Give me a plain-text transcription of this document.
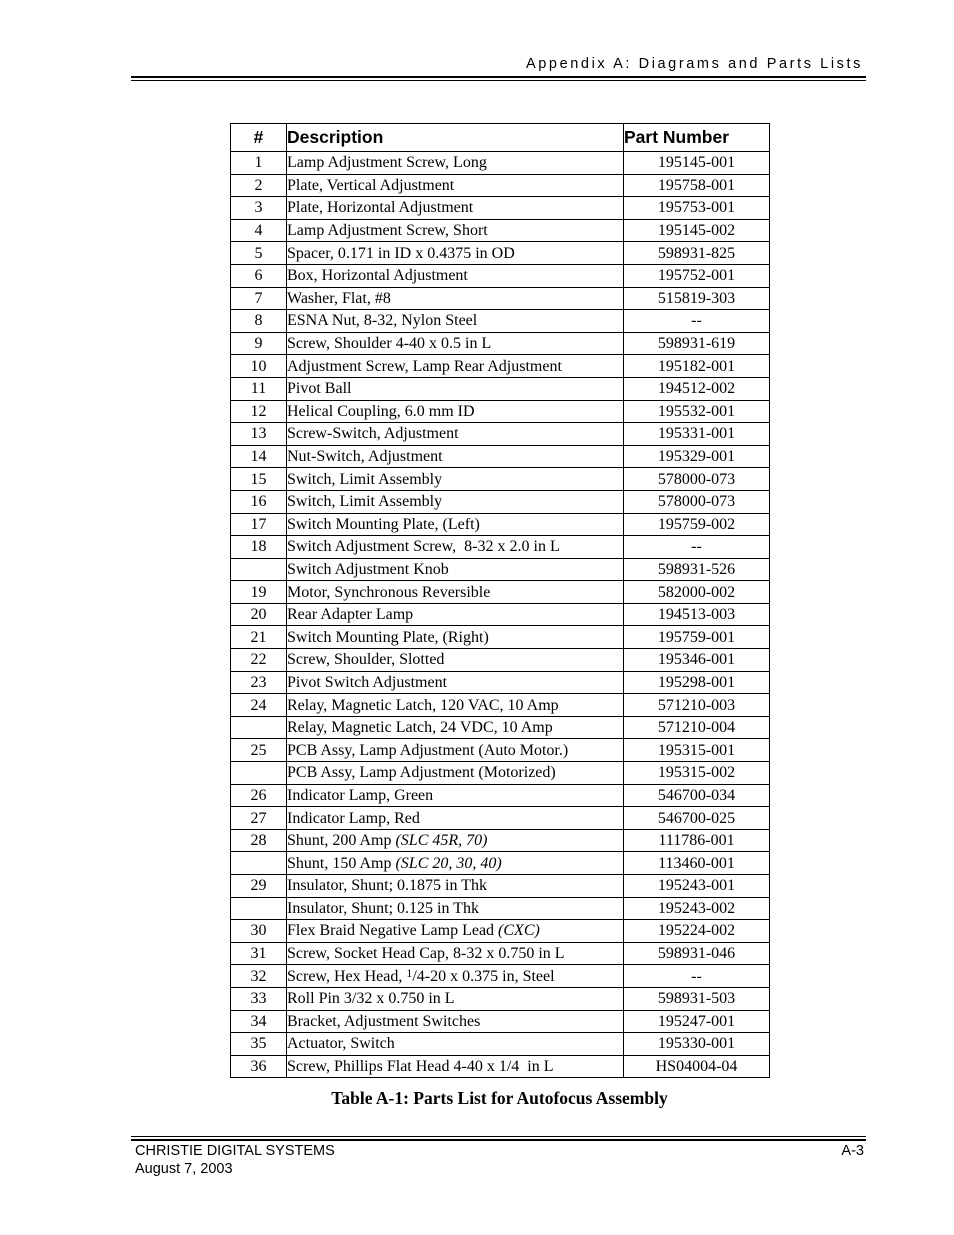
Appendix A: Diagrams and Parts Lists
#	Description	Part Number
1	Lamp Adjustment Screw, Long	195145-001
2	Plate, Vertical Adjustment	195758-001
3	Plate, Horizontal Adjustment	195753-001
4	Lamp Adjustment Screw, Short	195145-002
5	Spacer, 0.171 in ID x 0.4375 in OD	598931-825
6	Box, Horizontal Adjustment	195752-001
7	Washer, Flat, #8	515819-303
8	ESNA Nut, 8-32, Nylon Steel	--
9	Screw, Shoulder 4-40 x 0.5 in L	598931-619
10	Adjustment Screw, Lamp Rear Adjustment	195182-001
11	Pivot Ball	194512-002
12	Helical Coupling, 6.0 mm ID	195532-001
13	Screw-Switch, Adjustment	195331-001
14	Nut-Switch, Adjustment	195329-001
15	Switch, Limit Assembly	578000-073
16	Switch, Limit Assembly	578000-073
17	Switch Mounting Plate, (Left)	195759-002
18	Switch Adjustment Screw,  8-32 x 2.0 in L	--
	Switch Adjustment Knob	598931-526
19	Motor, Synchronous Reversible	582000-002
20	Rear Adapter Lamp	194513-003
21	Switch Mounting Plate, (Right)	195759-001
22	Screw, Shoulder, Slotted	195346-001
23	Pivot Switch Adjustment	195298-001
24	Relay, Magnetic Latch, 120 VAC, 10 Amp	571210-003
	Relay, Magnetic Latch, 24 VDC, 10 Amp	571210-004
25	PCB Assy, Lamp Adjustment (Auto Motor.)	195315-001
	PCB Assy, Lamp Adjustment (Motorized)	195315-002
26	Indicator Lamp, Green	546700-034
27	Indicator Lamp, Red	546700-025
28	Shunt, 200 Amp (SLC 45R, 70)	111786-001
	Shunt, 150 Amp (SLC 20, 30, 40)	113460-001
29	Insulator, Shunt; 0.1875 in Thk	195243-001
	Insulator, Shunt; 0.125 in Thk	195243-002
30	Flex Braid Negative Lamp Lead (CXC)	195224-002
31	Screw, Socket Head Cap, 8-32 x 0.750 in L	598931-046
32	Screw, Hex Head, $^1$/4-20 x 0.375 in, Steel	--
33	Roll Pin 3/32 x 0.750 in L	598931-503
34	Bracket, Adjustment Switches	195247-001
35	Actuator, Switch	195330-001
36	Screw, Phillips Flat Head 4-40 x 1/4  in L	HS04004-04
Table A-1: Parts List for Autofocus Assembly
CHRISTIE DIGITAL SYSTEMS
August 7, 2003
A-3
